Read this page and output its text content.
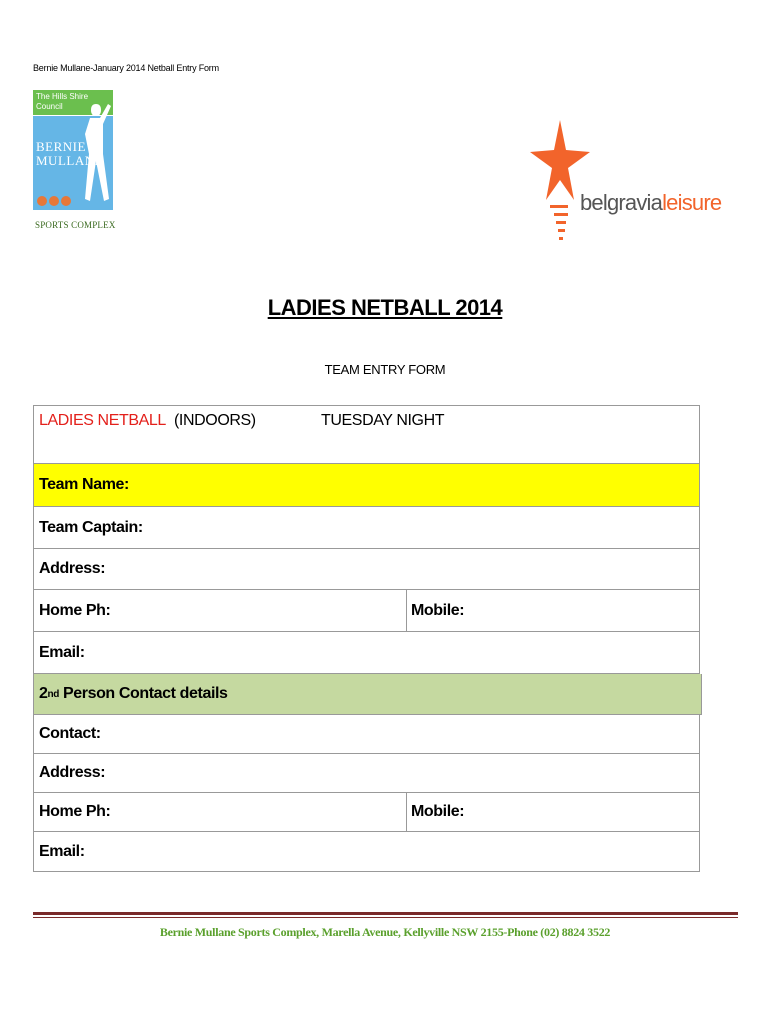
Bernie Mullane-January 2014 Netball Entry Form
The Hills Shire Council
BERNIE
MULLANE
SPORTS COMPLEX
belgravialeisure
LADIES NETBALL 2014
TEAM ENTRY FORM
LADIES NETBALL
(INDOORS)	TUESDAY NIGHT
Team Name:
Team Captain:
Address:
Home Ph:	Mobile:
Email:
2 nd Person Contact details
Contact:
Address:
Home Ph:	Mobile:
Email:
Bernie Mullane Sports Complex, Marella Avenue, Kellyville NSW 2155-Phone (02) 8824 3522
